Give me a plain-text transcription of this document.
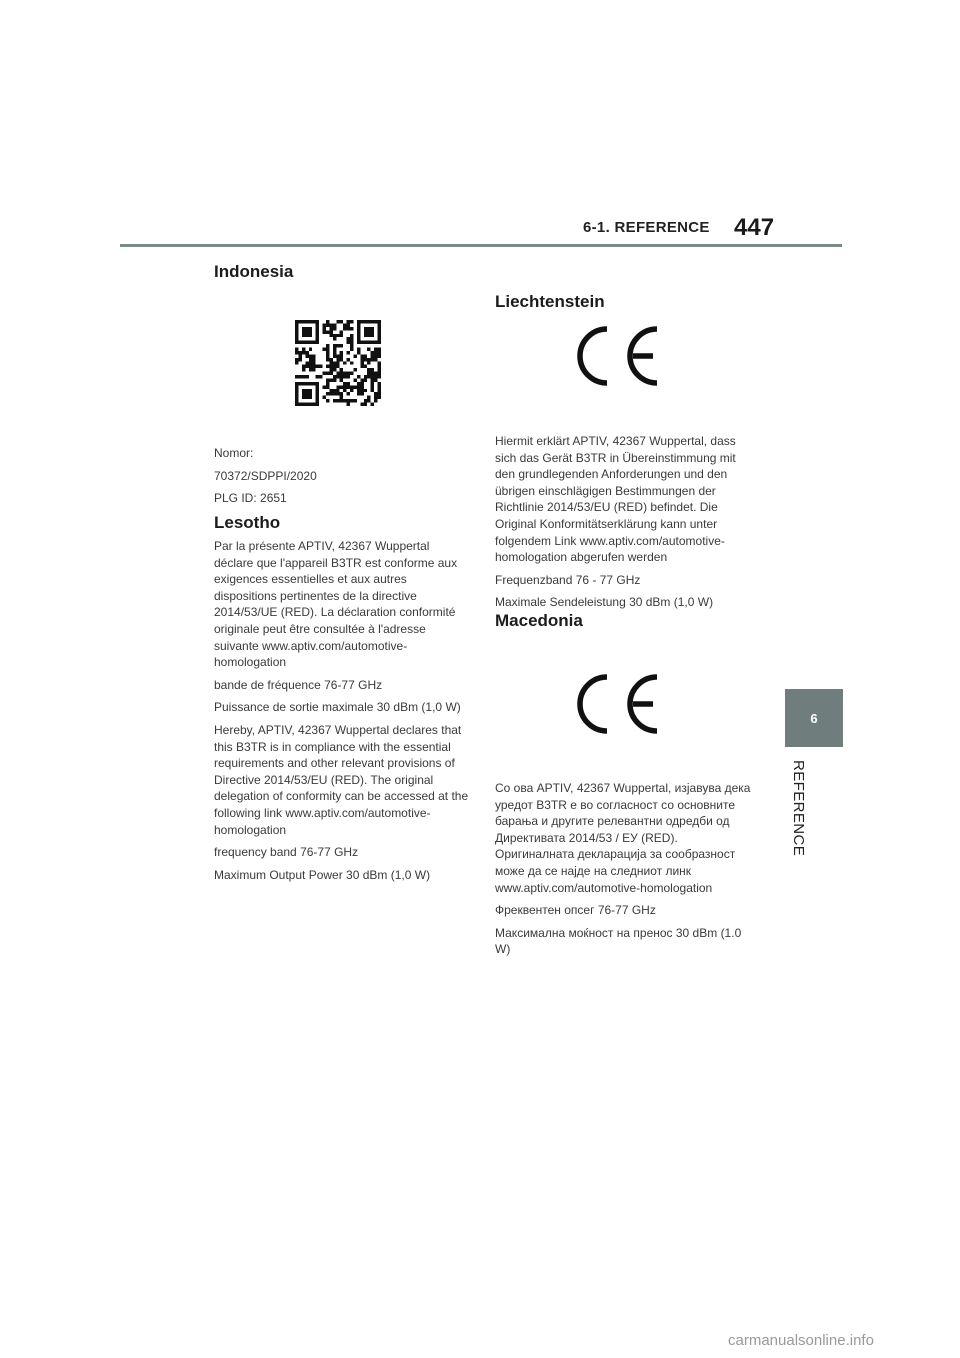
6-1. REFERENCE 447
6
REFERENCE
Indonesia

Nomor:

70372/SDPPI/2020

PLG ID: 2651

Lesotho

Par la présente APTIV, 42367 Wuppertal déclare que l'appareil B3TR est conforme aux exigences essentielles et aux autres dispositions pertinentes de la directive 2014/53/UE (RED). La déclaration conformité originale peut être consultée à l'adresse suivante www.aptiv.com/automotive-homologation

bande de fréquence 76-77 GHz

Puissance de sortie maximale 30 dBm (1,0 W)

Hereby, APTIV, 42367 Wuppertal declares that this B3TR is in compliance with the essential requirements and other relevant provisions of Directive 2014/53/EU (RED). The original delegation of conformity can be accessed at the following link www.aptiv.com/automotive-homologation

frequency band 76-77 GHz

Maximum Output Power 30 dBm (1,0 W)

Liechtenstein

Hiermit erklärt APTIV, 42367 Wuppertal, dass sich das Gerät B3TR in Übereinstimmung mit den grundlegenden Anforderungen und den übrigen einschlägigen Bestimmungen der Richtlinie 2014/53/EU (RED) befindet. Die Original Konformitätserklärung kann unter folgendem Link www.aptiv.com/automotive-homologation abgerufen werden

Frequenzband 76 - 77 GHz

Maximale Sendeleistung 30 dBm (1,0 W)

Macedonia

Со ова APTIV, 42367 Wuppertal, изјавува дека уредот B3TR е во согласност со основните барања и другите релевантни одредби од Директивата 2014/53 / ЕУ (RED). Оригиналната декларација за сообразност може да се најде на следниот линк www.aptiv.com/automotive-homologation

Фреквентен опсег 76-77 GHz

Максимална моќност на пренос 30 dBm (1.0 W)

carmanualsonline.info
